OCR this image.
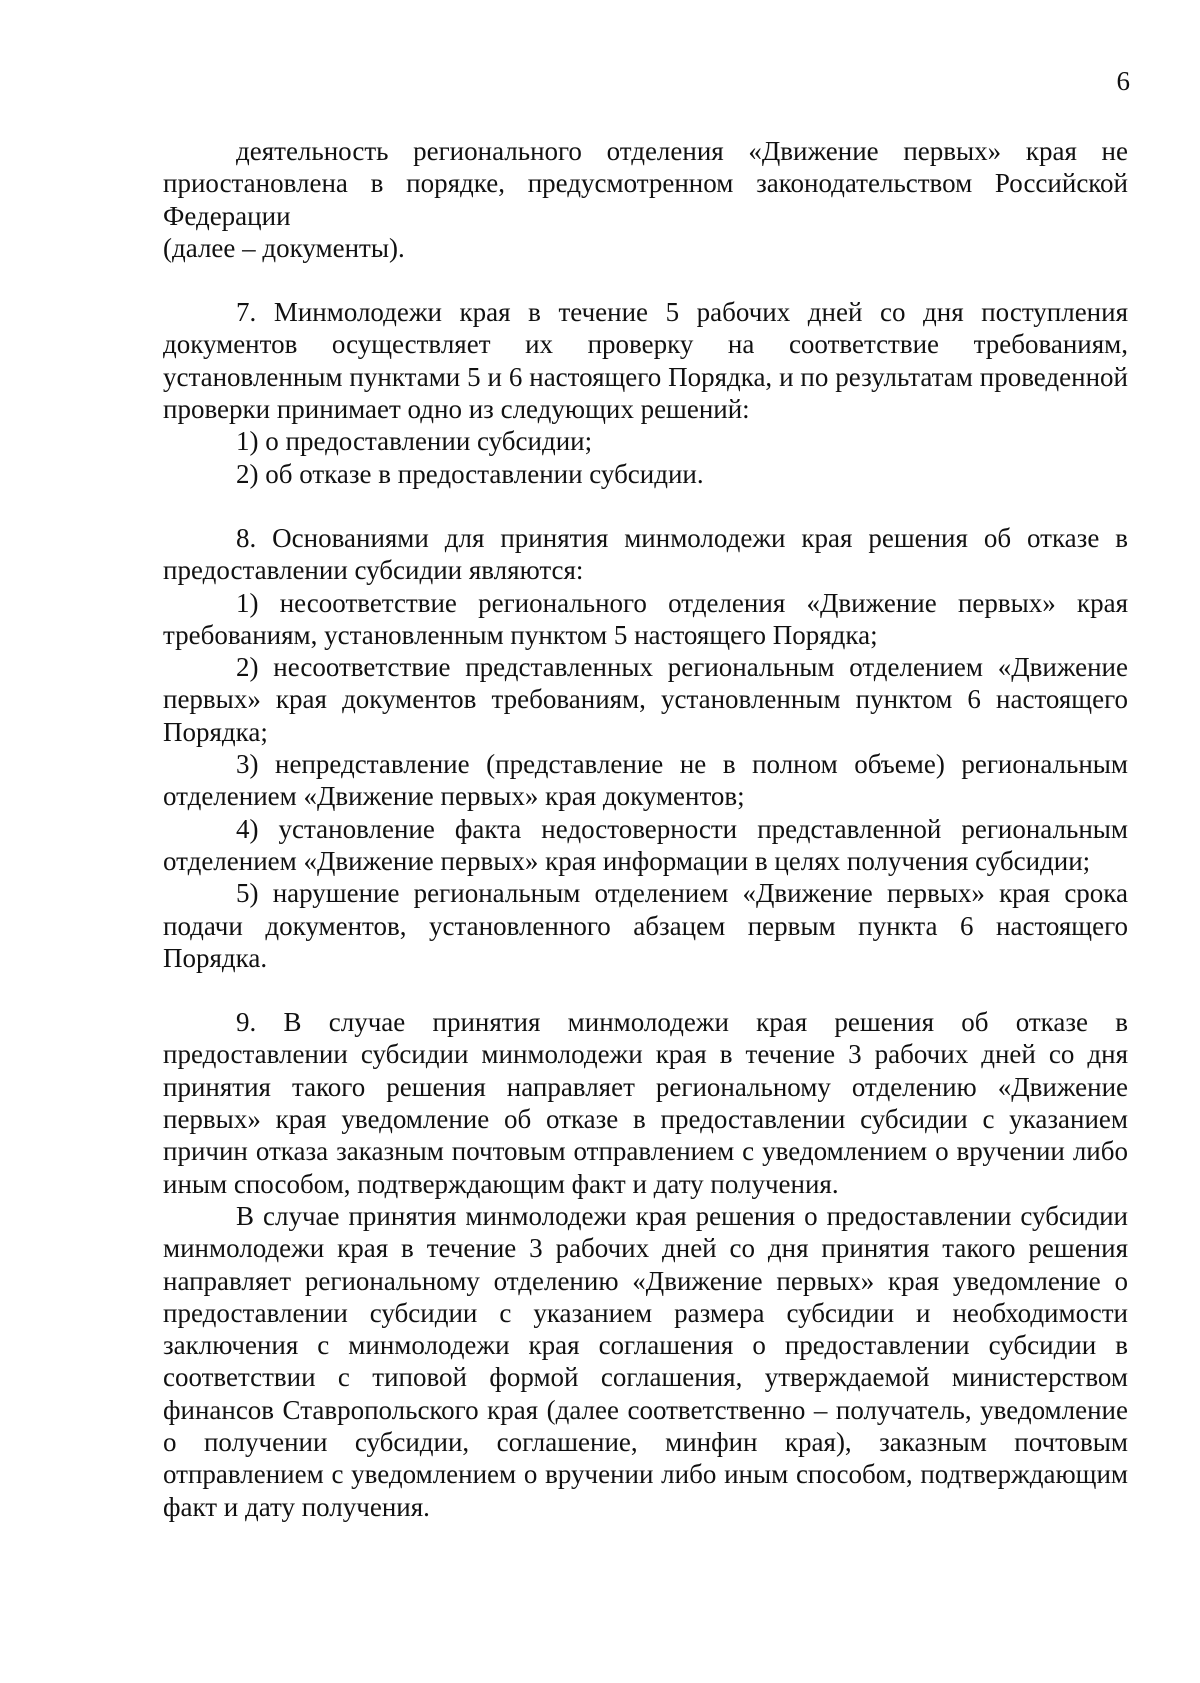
6

деятельность регионального отделения «Движение первых» края не приостановлена в порядке, предусмотренном законодательством Российской Федерации

(далее – документы).

7. Минмолодежи края в течение 5 рабочих дней со дня поступления документов осуществляет их проверку на соответствие требованиям, установленным пунктами 5 и 6 настоящего Порядка, и по результатам проведенной проверки принимает одно из следующих решений:

1) о предоставлении субсидии;

2) об отказе в предоставлении субсидии.

8. Основаниями для принятия минмолодежи края решения об отказе в предоставлении субсидии являются:

1) несоответствие регионального отделения «Движение первых» края требованиям, установленным пунктом 5 настоящего Порядка;

2) несоответствие представленных региональным отделением «Движение первых» края документов требованиям, установленным пунктом 6 настоящего Порядка;

3) непредставление (представление не в полном объеме) региональным отделением «Движение первых» края документов;

4) установление факта недостоверности представленной региональным отделением «Движение первых» края информации в целях получения субсидии;

5) нарушение региональным отделением «Движение первых» края срока подачи документов, установленного абзацем первым пункта 6 настоящего Порядка.

9. В случае принятия минмолодежи края решения об отказе в предоставлении субсидии минмолодежи края в течение 3 рабочих дней со дня принятия такого решения направляет региональному отделению «Движение первых» края уведомление об отказе в предоставлении субсидии с указанием причин отказа заказным почтовым отправлением с уведомлением о вручении либо иным способом, подтверждающим факт и дату получения.

В случае принятия минмолодежи края решения о предоставлении субсидии минмолодежи края в течение 3 рабочих дней со дня принятия такого решения направляет региональному отделению «Движение первых» края уведомление о предоставлении субсидии с указанием размера субсидии и необходимости заключения с минмолодежи края соглашения о предоставлении субсидии в соответствии с типовой формой соглашения, утверждаемой министерством финансов Ставропольского края (далее соответственно – получатель, уведомление о получении субсидии, соглашение, минфин края), заказным почтовым отправлением с уведомлением о вручении либо иным способом, подтверждающим факт и дату получения.
